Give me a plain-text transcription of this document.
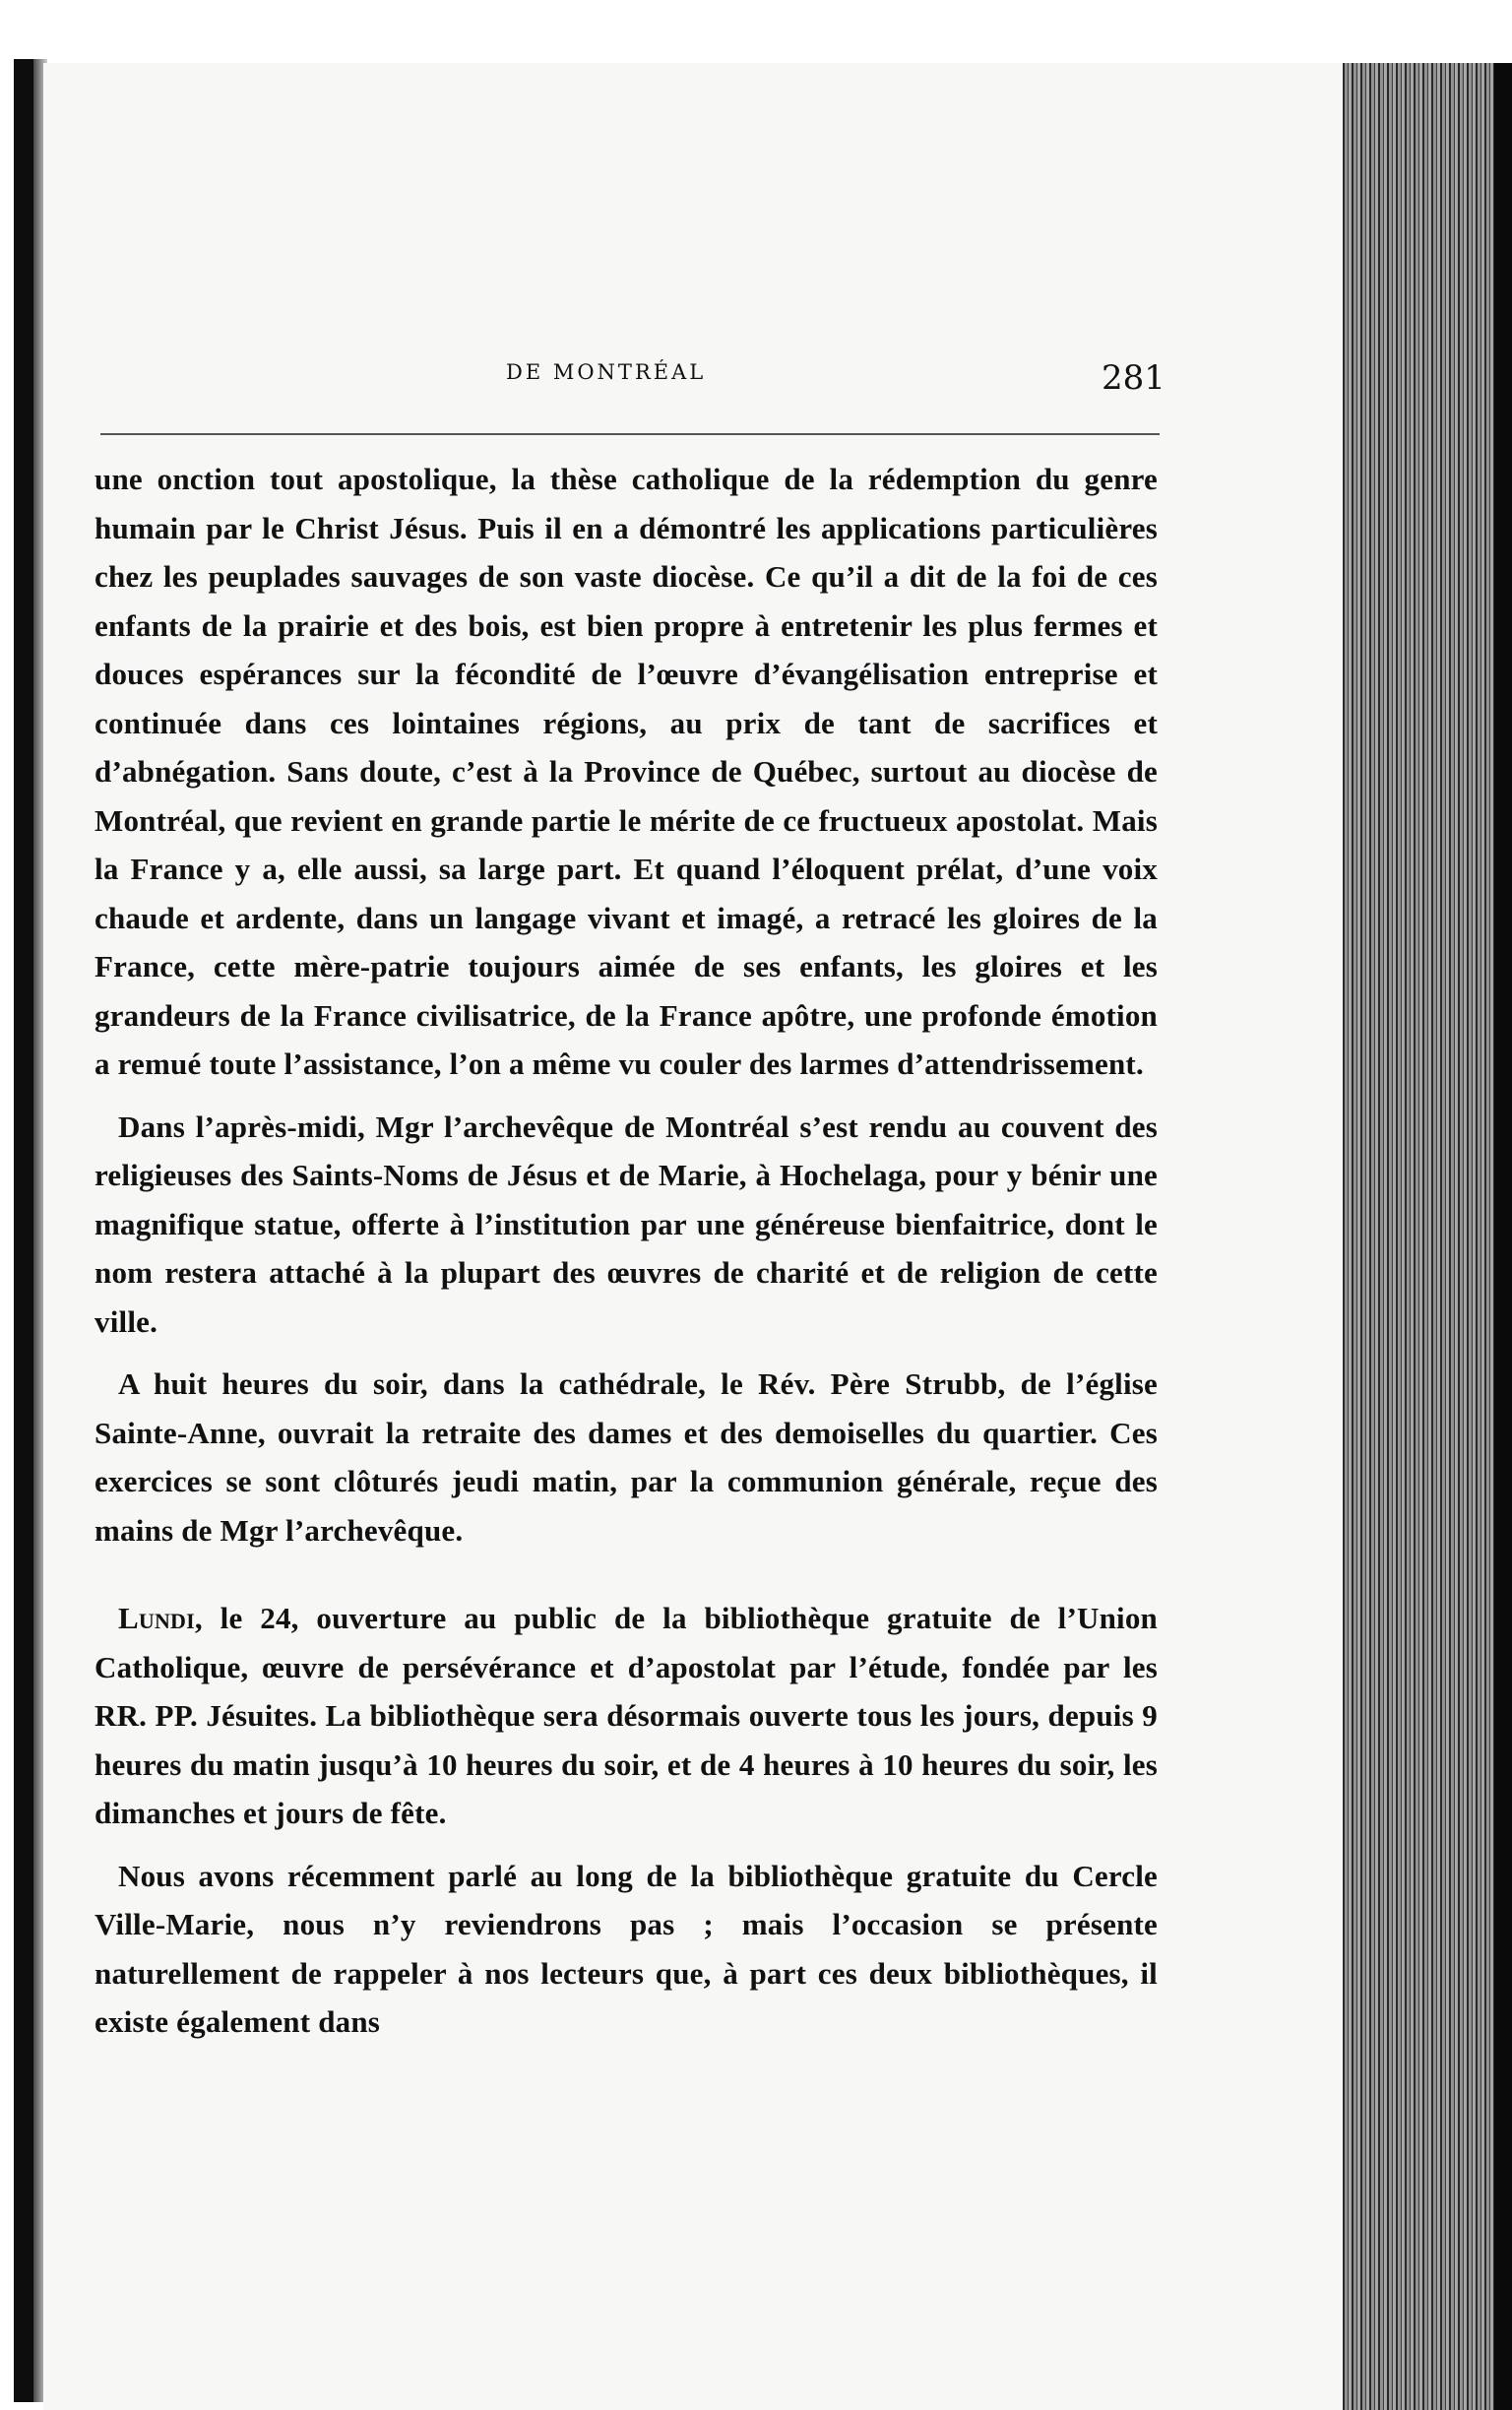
DE MONTRÉAL	281

une onction tout apostolique, la thèse catholique de la rédemption du genre humain par le Christ Jésus. Puis il en a démontré les applications particulières chez les peuplades sauvages de son vaste diocèse. Ce qu’il a dit de la foi de ces enfants de la prairie et des bois, est bien propre à entretenir les plus fermes et douces espérances sur la fécondité de l’œuvre d’évangélisation entreprise et continuée dans ces lointaines régions, au prix de tant de sacrifices et d’abnégation. Sans doute, c’est à la Province de Québec, surtout au diocèse de Montréal, que revient en grande partie le mérite de ce fructueux apostolat. Mais la France y a, elle aussi, sa large part. Et quand l’éloquent prélat, d’une voix chaude et ardente, dans un langage vivant et imagé, a retracé les gloires de la France, cette mère-patrie toujours aimée de ses enfants, les gloires et les grandeurs de la France civilisatrice, de la France apôtre, une profonde émotion a remué toute l’assistance, l’on a même vu couler des larmes d’attendrissement.

Dans l’après-midi, Mgr l’archevêque de Montréal s’est rendu au couvent des religieuses des Saints-Noms de Jésus et de Marie, à Hochelaga, pour y bénir une magnifique statue, offerte à l’institution par une généreuse bienfaitrice, dont le nom restera attaché à la plupart des œuvres de charité et de religion de cette ville.

A huit heures du soir, dans la cathédrale, le Rév. Père Strubb, de l’église Sainte-Anne, ouvrait la retraite des dames et des demoiselles du quartier. Ces exercices se sont clôturés jeudi matin, par la communion générale, reçue des mains de Mgr l’archevêque.

Lundi, le 24, ouverture au public de la bibliothèque gratuite de l’Union Catholique, œuvre de persévérance et d’apostolat par l’étude, fondée par les RR. PP. Jésuites. La bibliothèque sera désormais ouverte tous les jours, depuis 9 heures du matin jusqu’à 10 heures du soir, et de 4 heures à 10 heures du soir, les dimanches et jours de fête.

Nous avons récemment parlé au long de la bibliothèque gratuite du Cercle Ville-Marie, nous n’y reviendrons pas ; mais l’occasion se présente naturellement de rappeler à nos lecteurs que, à part ces deux bibliothèques, il existe également dans
